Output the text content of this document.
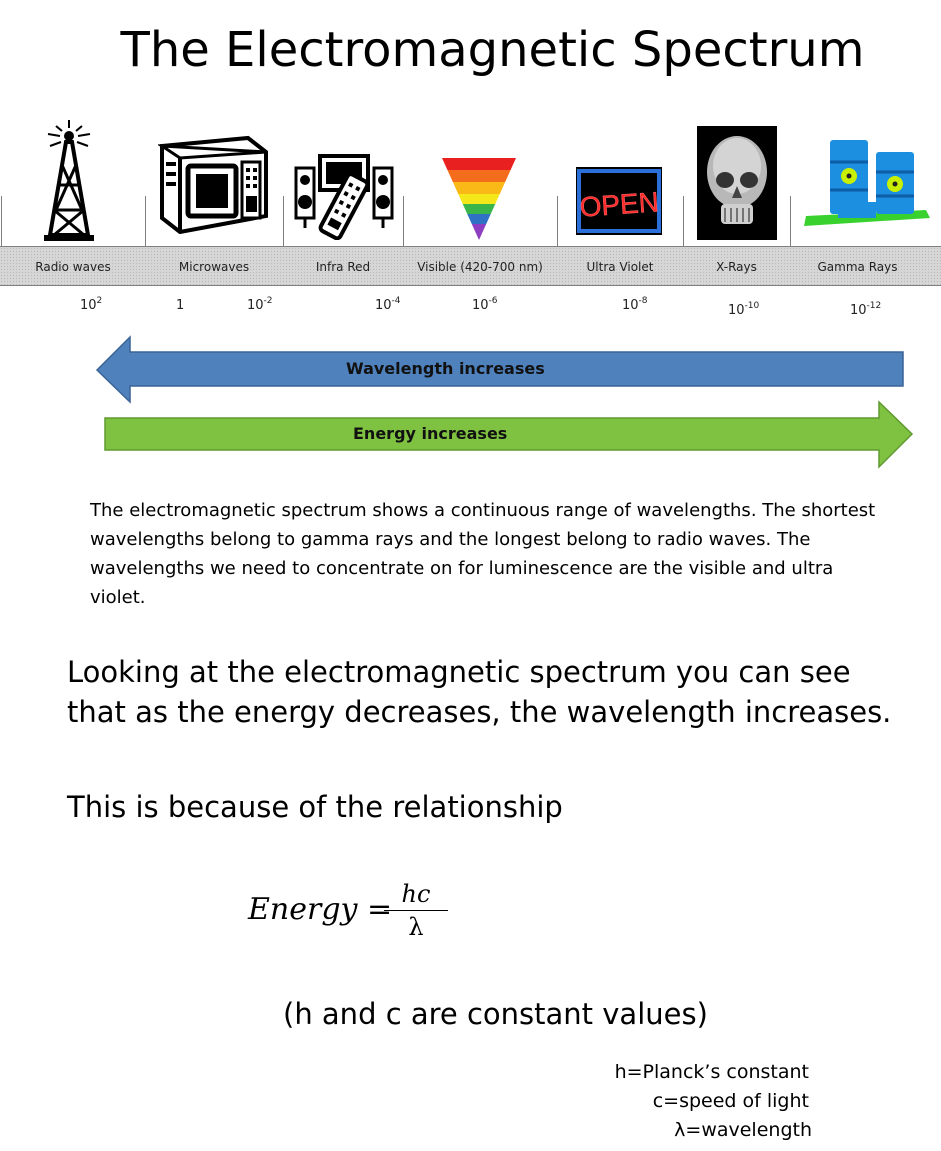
The Electromagnetic Spectrum
OPEN
Radio waves	Microwaves	Infra Red	Visible (420-700 nm)	Ultra Violet	X-Rays	Gamma Rays
$10^2$	1	$10^{-2}$	$10^{-4}$	$10^{-6}$	$10^{-8}$
$10^{-10}$	$10^{-12}$
Wavelength increases
Energy increases
The electromagnetic spectrum shows a continuous range of wavelengths. The shortest wavelengths belong to gamma rays and the longest belong to radio waves. The wavelengths we need to concentrate on for luminescence are the visible and ultra violet.
Looking at the electromagnetic spectrum you can see
that as the energy decreases, the wavelength increases.
This is because of the relationship
Energy =
$\frac{hc}{\lambda}$
(h and c are constant values)
h=Planck’s constant
c=speed of light
λ=wavelength
